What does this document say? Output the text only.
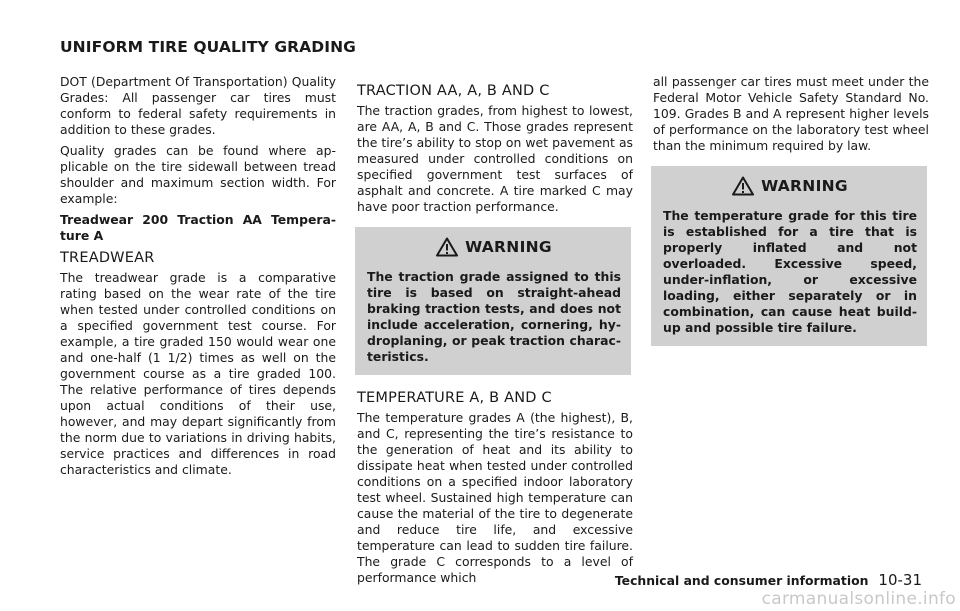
UNIFORM TIRE QUALITY GRADING

DOT (Department Of Transportation) Quality Grades: All passenger car tires must conform to federal safety requirements in addition to these grades.

Quality grades can be found where applicable on the tire sidewall between tread shoulder and maximum section width. For example:

Treadwear 200 Traction AA Temperature A

TREADWEAR

The treadwear grade is a comparative rating based on the wear rate of the tire when tested under controlled conditions on a specified government test course. For example, a tire graded 150 would wear one and one-half (1 1/2) times as well on the government course as a tire graded 100. The relative performance of tires depends upon actual conditions of their use, however, and may depart significantly from the norm due to variations in driving habits, service practices and differences in road characteristics and climate.

TRACTION AA, A, B AND C

The traction grades, from highest to lowest, are AA, A, B and C. Those grades represent the tire’s ability to stop on wet pavement as measured under controlled conditions on specified government test surfaces of asphalt and concrete. A tire marked C may have poor traction performance.

WARNING

The traction grade assigned to this tire is based on straight-ahead braking traction tests, and does not include acceleration, cornering, hydroplaning, or peak traction characteristics.

TEMPERATURE A, B AND C

The temperature grades A (the highest), B, and C, representing the tire’s resistance to the generation of heat and its ability to dissipate heat when tested under controlled conditions on a specified indoor laboratory test wheel. Sustained high temperature can cause the material of the tire to degenerate and reduce tire life, and excessive temperature can lead to sudden tire failure. The grade C corresponds to a level of performance which

all passenger car tires must meet under the Federal Motor Vehicle Safety Standard No. 109. Grades B and A represent higher levels of performance on the laboratory test wheel than the minimum required by law.

WARNING

The temperature grade for this tire is established for a tire that is properly inflated and not overloaded. Excessive speed, under-inflation, or excessive loading, either separately or in combination, can cause heat build-up and possible tire failure.

Technical and consumer information 10-31
carmanualsonline.info
